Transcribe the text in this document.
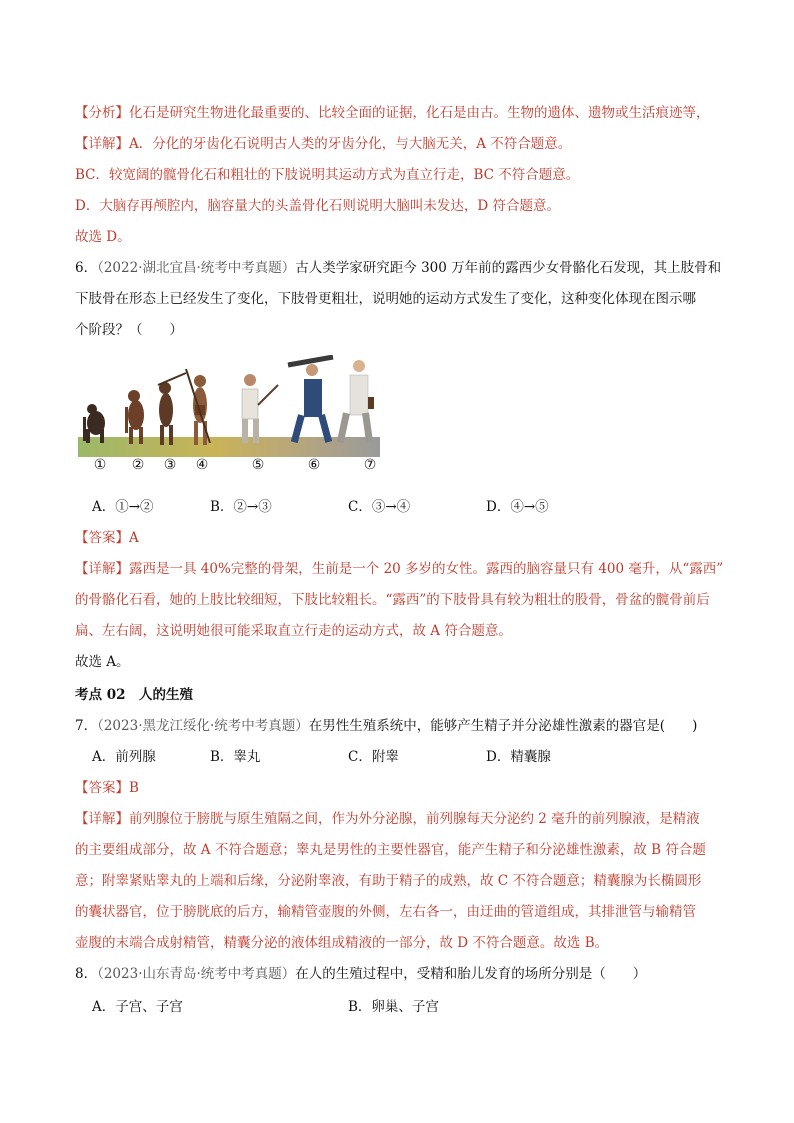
【分析】化石是研究生物进化最重要的、比较全面的证据，化石是由古。生物的遗体、遗物或生活痕迹等，
【详解】A．分化的牙齿化石说明古人类的牙齿分化，与大脑无关，A 不符合题意。
BC．较宽阔的髋骨化石和粗壮的下肢说明其运动方式为直立行走，BC 不符合题意。
D．大脑存再颅腔内，脑容量大的头盖骨化石则说明大脑叫未发达，D 符合题意。
故选 D。
6．（2022·湖北宜昌·统考中考真题）古人类学家研究距今 300 万年前的露西少女骨骼化石发现，其上肢骨和
下肢骨在形态上已经发生了变化，下肢骨更粗壮，说明她的运动方式发生了变化，这种变化体现在图示哪
个阶段？（　　）
① ② ③ ④	⑤	⑥	⑦
A．①→②	B．②→③	C．③→④	D．④→⑤
【答案】A
【详解】露西是一具 40%完整的骨架，生前是一个 20 多岁的女性。露西的脑容量只有 400 毫升，从“露西”
的骨骼化石看，她的上肢比较细短，下肢比较粗长。“露西”的下肢骨具有较为粗壮的股骨，骨盆的髋骨前后
扁、左右阔，这说明她很可能采取直立行走的运动方式，故 A 符合题意。
故选 A。
考点 02　人的生殖
7．（2023·黑龙江绥化·统考中考真题）在男性生殖系统中，能够产生精子并分泌雄性激素的器官是(　　)
A．前列腺	B．睾丸	C．附睾	D．精囊腺
【答案】B
【详解】前列腺位于膀胱与原生殖隔之间，作为外分泌腺，前列腺每天分泌约 2 毫升的前列腺液，是精液
的主要组成部分，故 A 不符合题意；睾丸是男性的主要性器官，能产生精子和分泌雄性激素，故 B 符合题
意；附睾紧贴睾丸的上端和后缘，分泌附睾液，有助于精子的成熟，故 C 不符合题意；精囊腺为长椭圆形
的囊状器官，位于膀胱底的后方，输精管壶腹的外侧，左右各一，由迂曲的管道组成，其排泄管与输精管
壶腹的末端合成射精管，精囊分泌的液体组成精液的一部分，故 D 不符合题意。故选 B。
8．（2023·山东青岛·统考中考真题）在人的生殖过程中，受精和胎儿发育的场所分别是（　　）
A．子宫、子宫	B．卵巢、子宫
